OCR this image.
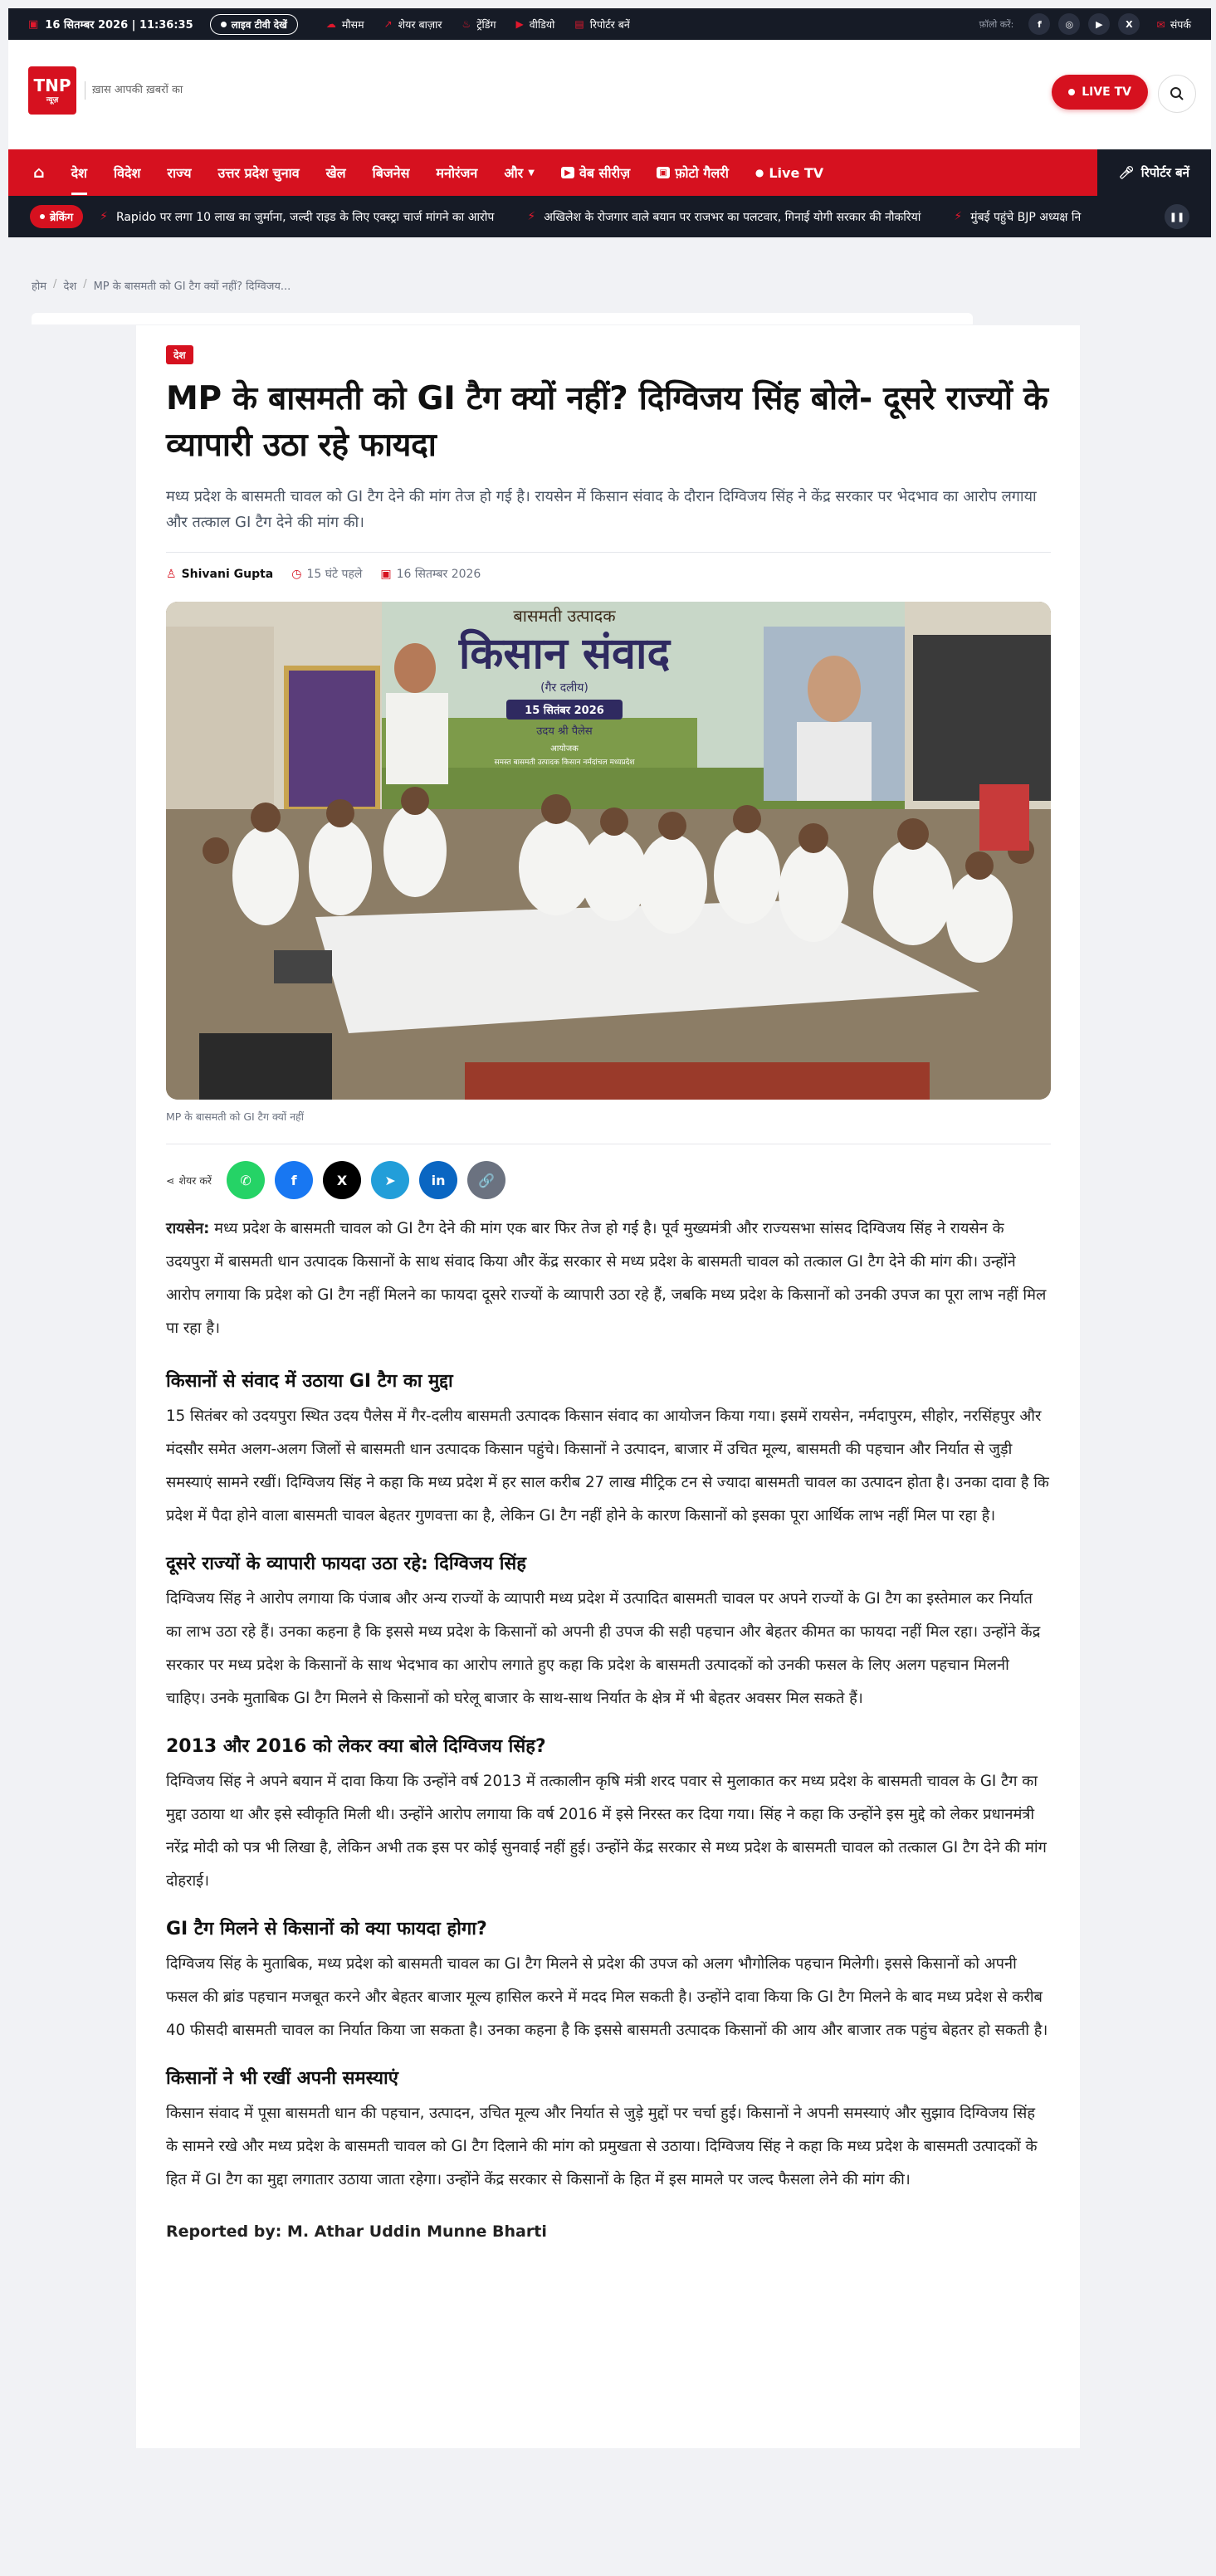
▣ 16 सितम्बर 2026 | 11:36:35	लाइव टीवी देखें	☁ मौसम ↗ शेयर बाज़ार ♨ ट्रेंडिंग ▶ वीडियो ▤ रिपोर्टर बनें	फ़ॉलो करें:	f	◎	▶	X	✉ संपर्क
TNP
न्यूज़
ख़ास आपकी ख़बरों का	LIVE TV
⌂ देश विदेश राज्य उत्तर प्रदेश चुनाव खेल बिजनेस मनोरंजन और ▼	▶ वेब सीरीज़	▣ फ़ोटो गैलरी	● Live TV	🎤︎ रिपोर्टर बनें
ब्रेकिंग ⚡ Rapido पर लगा 10 लाख का जुर्माना, जल्दी राइड के लिए एक्स्ट्रा चार्ज मांगने का आरोप	⚡ अखिलेश के रोजगार वाले बयान पर राजभर का पलटवार, गिनाई योगी सरकार की नौकरियां	⚡ मुंबई पहुंचे BJP अध्यक्ष नि	❚❚
होम / देश / MP के बासमती को GI टैग क्यों नहीं? दिग्विजय...
देश
MP के बासमती को GI टैग क्यों नहीं? दिग्विजय सिंह बोले- दूसरे राज्यों के व्यापारी उठा रहे फायदा

मध्य प्रदेश के बासमती चावल को GI टैग देने की मांग तेज हो गई है। रायसेन में किसान संवाद के दौरान दिग्विजय सिंह ने केंद्र सरकार पर भेदभाव का आरोप लगाया और तत्काल GI टैग देने की मांग की।

♙ Shivani Gupta ◷ 15 घंटे पहले ▣ 16 सितम्बर 2026
बासमती उत्पादक
किसान संवाद
(गैर दलीय)
15 सितंबर 2026
उदय श्री पैलेस
आयोजक
समस्त बासमती उत्पादक किसान नर्मदांचल मध्यप्रदेश
MP के बासमती को GI टैग क्यों नहीं
⋖ शेयर करें	✆	f	X	➤	in	🔗

रायसेन: मध्य प्रदेश के बासमती चावल को GI टैग देने की मांग एक बार फिर तेज हो गई है। पूर्व मुख्यमंत्री और राज्यसभा सांसद दिग्विजय सिंह ने रायसेन के उदयपुरा में बासमती धान उत्पादक किसानों के साथ संवाद किया और केंद्र सरकार से मध्य प्रदेश के बासमती चावल को तत्काल GI टैग देने की मांग की। उन्होंने आरोप लगाया कि प्रदेश को GI टैग नहीं मिलने का फायदा दूसरे राज्यों के व्यापारी उठा रहे हैं, जबकि मध्य प्रदेश के किसानों को उनकी उपज का पूरा लाभ नहीं मिल पा रहा है।

किसानों से संवाद में उठाया GI टैग का मुद्दा

15 सितंबर को उदयपुरा स्थित उदय पैलेस में गैर-दलीय बासमती उत्पादक किसान संवाद का आयोजन किया गया। इसमें रायसेन, नर्मदापुरम, सीहोर, नरसिंहपुर और मंदसौर समेत अलग-अलग जिलों से बासमती धान उत्पादक किसान पहुंचे। किसानों ने उत्पादन, बाजार में उचित मूल्य, बासमती की पहचान और निर्यात से जुड़ी समस्याएं सामने रखीं। दिग्विजय सिंह ने कहा कि मध्य प्रदेश में हर साल करीब 27 लाख मीट्रिक टन से ज्यादा बासमती चावल का उत्पादन होता है। उनका दावा है कि प्रदेश में पैदा होने वाला बासमती चावल बेहतर गुणवत्ता का है, लेकिन GI टैग नहीं होने के कारण किसानों को इसका पूरा आर्थिक लाभ नहीं मिल पा रहा है।

दूसरे राज्यों के व्यापारी फायदा उठा रहे: दिग्विजय सिंह

दिग्विजय सिंह ने आरोप लगाया कि पंजाब और अन्य राज्यों के व्यापारी मध्य प्रदेश में उत्पादित बासमती चावल पर अपने राज्यों के GI टैग का इस्तेमाल कर निर्यात का लाभ उठा रहे हैं। उनका कहना है कि इससे मध्य प्रदेश के किसानों को अपनी ही उपज की सही पहचान और बेहतर कीमत का फायदा नहीं मिल रहा। उन्होंने केंद्र सरकार पर मध्य प्रदेश के किसानों के साथ भेदभाव का आरोप लगाते हुए कहा कि प्रदेश के बासमती उत्पादकों को उनकी फसल के लिए अलग पहचान मिलनी चाहिए। उनके मुताबिक GI टैग मिलने से किसानों को घरेलू बाजार के साथ-साथ निर्यात के क्षेत्र में भी बेहतर अवसर मिल सकते हैं।

2013 और 2016 को लेकर क्या बोले दिग्विजय सिंह?

दिग्विजय सिंह ने अपने बयान में दावा किया कि उन्होंने वर्ष 2013 में तत्कालीन कृषि मंत्री शरद पवार से मुलाकात कर मध्य प्रदेश के बासमती चावल के GI टैग का मुद्दा उठाया था और इसे स्वीकृति मिली थी। उन्होंने आरोप लगाया कि वर्ष 2016 में इसे निरस्त कर दिया गया। सिंह ने कहा कि उन्होंने इस मुद्दे को लेकर प्रधानमंत्री नरेंद्र मोदी को पत्र भी लिखा है, लेकिन अभी तक इस पर कोई सुनवाई नहीं हुई। उन्होंने केंद्र सरकार से मध्य प्रदेश के बासमती चावल को तत्काल GI टैग देने की मांग दोहराई।

GI टैग मिलने से किसानों को क्या फायदा होगा?

दिग्विजय सिंह के मुताबिक, मध्य प्रदेश को बासमती चावल का GI टैग मिलने से प्रदेश की उपज को अलग भौगोलिक पहचान मिलेगी। इससे किसानों को अपनी फसल की ब्रांड पहचान मजबूत करने और बेहतर बाजार मूल्य हासिल करने में मदद मिल सकती है। उन्होंने दावा किया कि GI टैग मिलने के बाद मध्य प्रदेश से करीब 40 फीसदी बासमती चावल का निर्यात किया जा सकता है। उनका कहना है कि इससे बासमती उत्पादक किसानों की आय और बाजार तक पहुंच बेहतर हो सकती है।

किसानों ने भी रखीं अपनी समस्याएं

किसान संवाद में पूसा बासमती धान की पहचान, उत्पादन, उचित मूल्य और निर्यात से जुड़े मुद्दों पर चर्चा हुई। किसानों ने अपनी समस्याएं और सुझाव दिग्विजय सिंह के सामने रखे और मध्य प्रदेश के बासमती चावल को GI टैग दिलाने की मांग को प्रमुखता से उठाया। दिग्विजय सिंह ने कहा कि मध्य प्रदेश के बासमती उत्पादकों के हित में GI टैग का मुद्दा लगातार उठाया जाता रहेगा। उन्होंने केंद्र सरकार से किसानों के हित में इस मामले पर जल्द फैसला लेने की मांग की।

Reported by: M. Athar Uddin Munne Bharti
